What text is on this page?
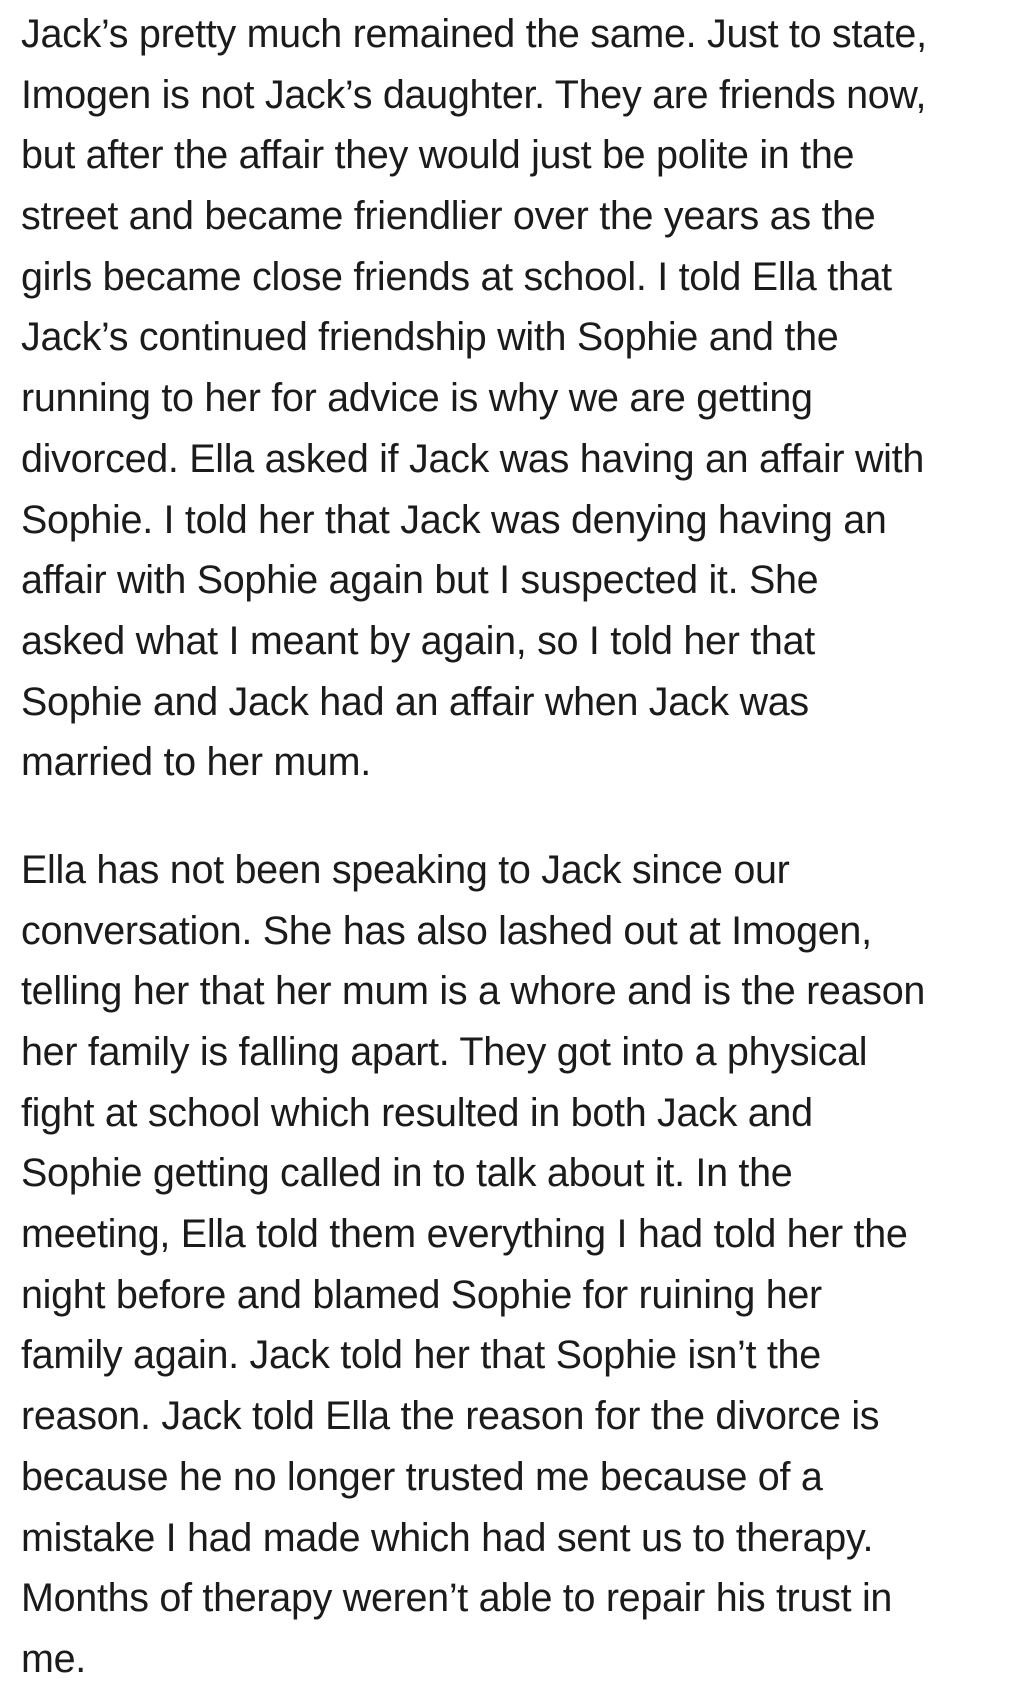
Jack’s pretty much remained the same. Just to state,
Imogen is not Jack’s daughter. They are friends now,
but after the affair they would just be polite in the
street and became friendlier over the years as the
girls became close friends at school. I told Ella that
Jack’s continued friendship with Sophie and the
running to her for advice is why we are getting
divorced. Ella asked if Jack was having an affair with
Sophie. I told her that Jack was denying having an
affair with Sophie again but I suspected it. She
asked what I meant by again, so I told her that
Sophie and Jack had an affair when Jack was
married to her mum.
Ella has not been speaking to Jack since our
conversation. She has also lashed out at Imogen,
telling her that her mum is a whore and is the reason
her family is falling apart. They got into a physical
fight at school which resulted in both Jack and
Sophie getting called in to talk about it. In the
meeting, Ella told them everything I had told her the
night before and blamed Sophie for ruining her
family again. Jack told her that Sophie isn’t the
reason. Jack told Ella the reason for the divorce is
because he no longer trusted me because of a
mistake I had made which had sent us to therapy.
Months of therapy weren’t able to repair his trust in
me.
